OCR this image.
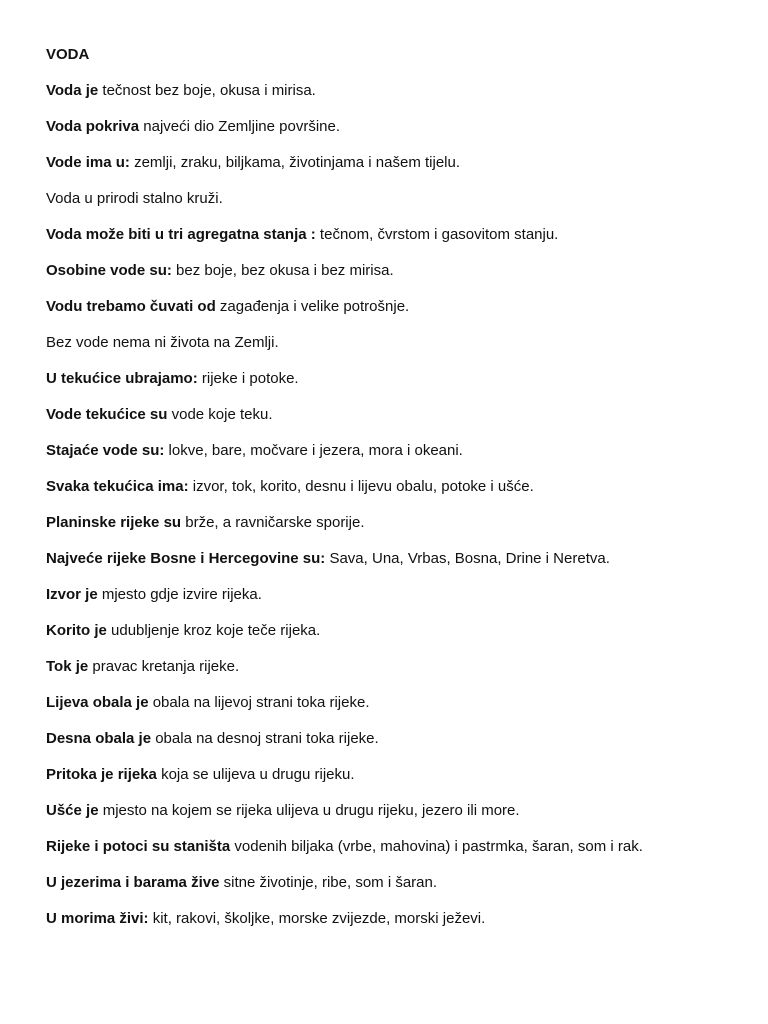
VODA
Voda je tečnost bez boje, okusa i mirisa.
Voda pokriva najveći dio Zemljine površine.
Vode ima u: zemlji, zraku, biljkama, životinjama i našem tijelu.
Voda u prirodi stalno kruži.
Voda može biti u tri agregatna stanja : tečnom, čvrstom i gasovitom stanju.
Osobine vode su: bez boje, bez okusa i bez mirisa.
Vodu trebamo čuvati od zagađenja i velike potrošnje.
Bez vode nema ni života na Zemlji.
U tekućice ubrajamo: rijeke i potoke.
Vode tekućice su vode koje teku.
Stajaće vode su: lokve, bare, močvare i jezera, mora i okeani.
Svaka tekućica ima: izvor, tok, korito, desnu i lijevu obalu, potoke i ušće.
Planinske rijeke su brže, a ravničarske sporije.
Najveće rijeke Bosne i Hercegovine su: Sava, Una, Vrbas, Bosna, Drine i Neretva.
Izvor je mjesto gdje izvire rijeka.
Korito je udubljenje kroz koje teče rijeka.
Tok je pravac kretanja rijeke.
Lijeva obala je obala na lijevoj strani toka rijeke.
Desna obala je obala na desnoj strani toka rijeke.
Pritoka je rijeka koja se ulijeva u drugu rijeku.
Ušće je mjesto na kojem se rijeka ulijeva u drugu rijeku, jezero ili more.
Rijeke i potoci su staništa vodenih biljaka (vrbe, mahovina) i pastrmka, šaran, som i rak.
U jezerima i barama žive sitne životinje, ribe, som i šaran.
U morima živi: kit, rakovi, školjke, morske zvijezde, morski ježevi.
